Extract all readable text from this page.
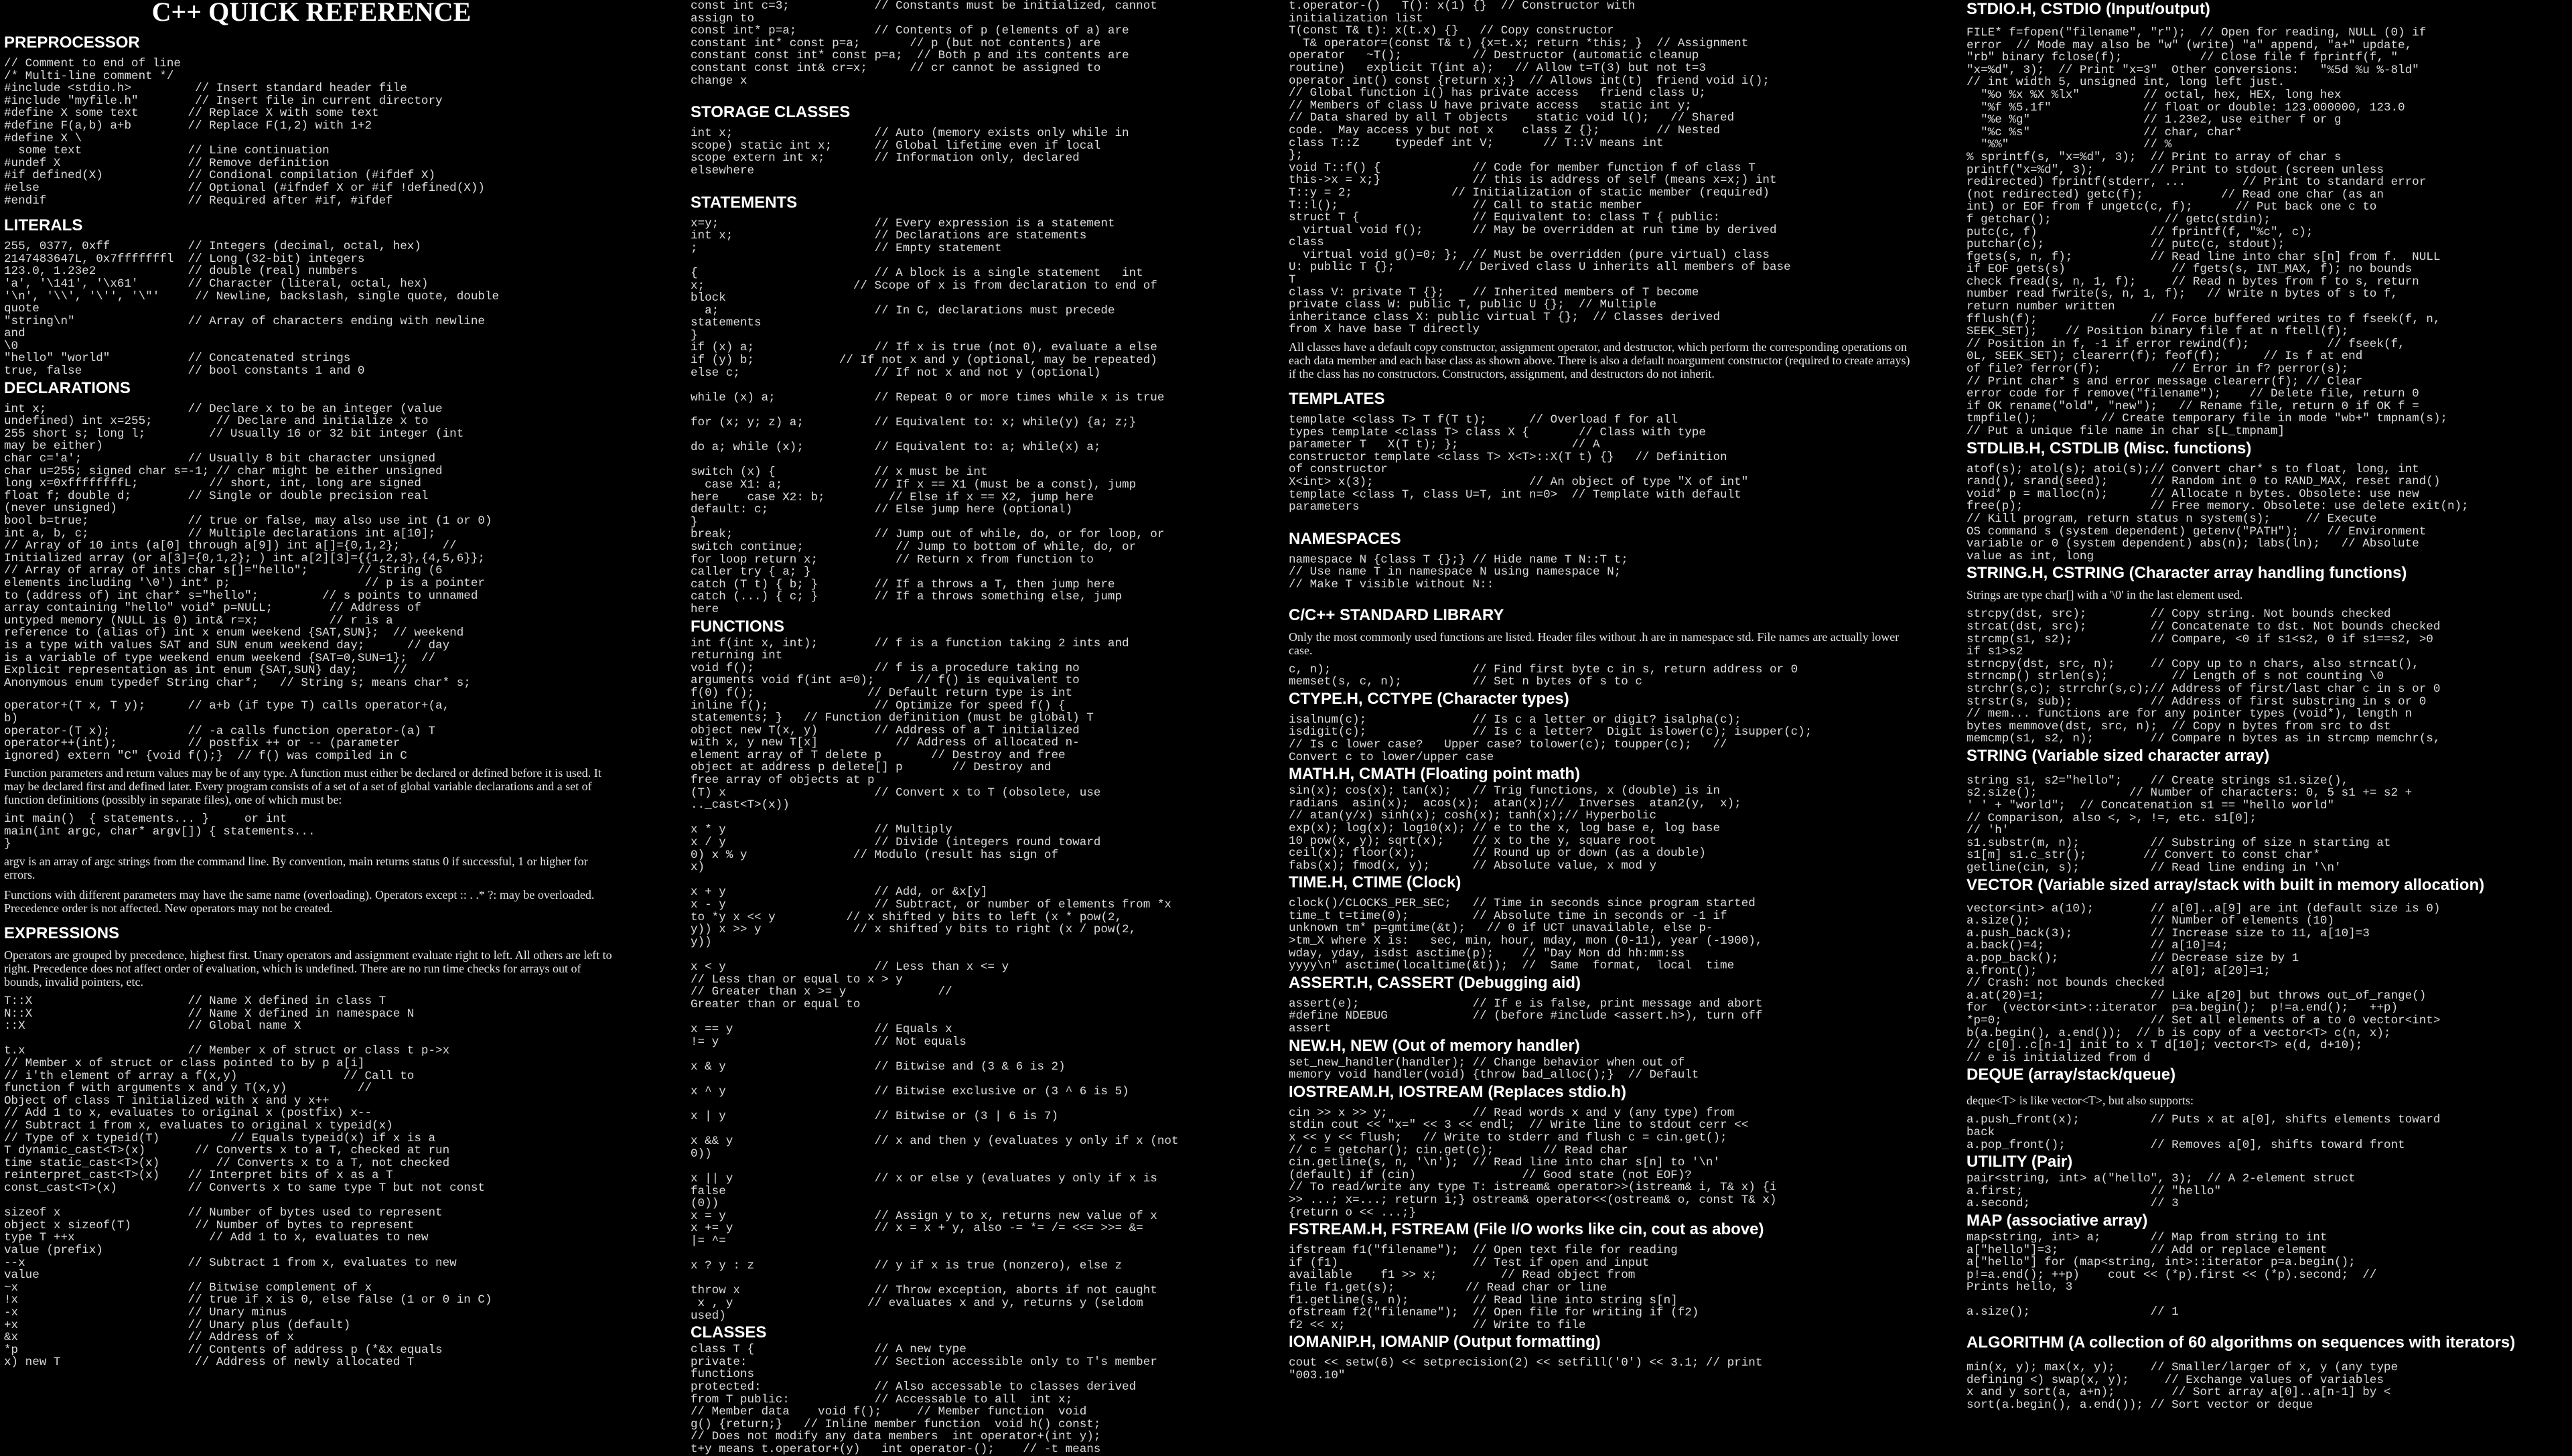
C++ QUICK REFERENCE
PREPROCESSOR
// Comment to end of line
/* Multi-line comment */
#include <stdio.h>         // Insert standard header file
#include "myfile.h"        // Insert file in current directory
#define X some text       // Replace X with some text
#define F(a,b) a+b        // Replace F(1,2) with 1+2
#define X \
some text               // Line continuation
#undef X                  // Remove definition
#if defined(X)            // Condional compilation (#ifdef X)
#else                     // Optional (#ifndef X or #if !defined(X))
#endif                    // Required after #if, #ifdef
LITERALS
255, 0377, 0xff           // Integers (decimal, octal, hex)
2147483647L, 0x7fffffffl  // Long (32-bit) integers
123.0, 1.23e2             // double (real) numbers
'a', '\141', '\x61'       // Character (literal, octal, hex)
'\n', '\\', '\'', '\"'     // Newline, backslash, single quote, double
quote
"string\n"                // Array of characters ending with newline
and
\0
"hello" "world"           // Concatenated strings
true, false               // bool constants 1 and 0
DECLARATIONS
int x;                    // Declare x to be an integer (value
undefined) int x=255;         // Declare and initialize x to
255 short s; long l;         // Usually 16 or 32 bit integer (int
may be either)
char c='a';               // Usually 8 bit character unsigned
char u=255; signed char s=-1; // char might be either unsigned
long x=0xffffffffL;          // short, int, long are signed
float f; double d;        // Single or double precision real
(never unsigned)
bool b=true;              // true or false, may also use int (1 or 0)
int a, b, c;              // Multiple declarations int a[10];
// Array of 10 ints (a[0] through a[9]) int a[]={0,1,2};      //
Initialized array (or a[3]={0,1,2}; ) int a[2][3]={{1,2,3},{4,5,6}};
// Array of array of ints char s[]="hello";       // String (6
elements including '\0') int* p;                   // p is a pointer
to (address of) int char* s="hello";         // s points to unnamed
array containing "hello" void* p=NULL;        // Address of
untyped memory (NULL is 0) int& r=x;          // r is a
reference to (alias of) int x enum weekend {SAT,SUN};  // weekend
is a type with values SAT and SUN enum weekend day;      // day
is a variable of type weekend enum weekend {SAT=0,SUN=1};  //
Explicit representation as int enum {SAT,SUN} day;     //
Anonymous enum typedef String char*;   // String s; means char* s;
operator+(T x, T y);      // a+b (if type T) calls operator+(a,
b)
operator-(T x);           // -a calls function operator-(a) T
operator++(int);          // postfix ++ or -- (parameter
ignored) extern "C" {void f();}  // f() was compiled in C

Function parameters and return values may be of any type. A function must either be declared or defined before it is used. It may be declared first and defined later. Every program consists of a set of a set of global variable declarations and a set of function definitions (possibly in separate files), one of which must be:

int main()  { statements... }     or int
main(int argc, char* argv[]) { statements...
}

argv is an array of argc strings from the command line. By convention, main returns status 0 if successful, 1 or higher for errors.

Functions with different parameters may have the same name (overloading). Operators except :: . .* ?: may be overloaded. Precedence order is not affected. New operators may not be created.

EXPRESSIONS

Operators are grouped by precedence, highest first. Unary operators and assignment evaluate right to left. All others are left to right. Precedence does not affect order of evaluation, which is undefined. There are no run time checks for arrays out of bounds, invalid pointers, etc.

T::X                      // Name X defined in class T
N::X                      // Name X defined in namespace N
::X                       // Global name X

t.x                       // Member x of struct or class t p->x
// Member x of struct or class pointed to by p a[i]
// i'th element of array a f(x,y)               // Call to
function f with arguments x and y T(x,y)          //
Object of class T initialized with x and y x++
// Add 1 to x, evaluates to original x (postfix) x--
// Subtract 1 from x, evaluates to original x typeid(x)
// Type of x typeid(T)          // Equals typeid(x) if x is a
T dynamic_cast<T>(x)       // Converts x to a T, checked at run
time static_cast<T>(x)        // Converts x to a T, not checked
reinterpret_cast<T>(x)    // Interpret bits of x as a T
const_cast<T>(x)          // Converts x to same type T but not const

sizeof x                  // Number of bytes used to represent
object x sizeof(T)         // Number of bytes to represent
type T ++x                   // Add 1 to x, evaluates to new
value (prefix)
--x                       // Subtract 1 from x, evaluates to new
value
~x                        // Bitwise complement of x
!x                        // true if x is 0, else false (1 or 0 in C)
-x                        // Unary minus
+x                        // Unary plus (default)
&x                        // Address of x
*p                        // Contents of address p (*&x equals
x) new T                   // Address of newly allocated T
const int c=3;            // Constants must be initialized, cannot
assign to
const int* p=a;           // Contents of p (elements of a) are
constant int* const p=a;       // p (but not contents) are
constant const int* const p=a;  // Both p and its contents are
constant const int& cr=x;      // cr cannot be assigned to
change x
STORAGE CLASSES
int x;                    // Auto (memory exists only while in
scope) static int x;      // Global lifetime even if local
scope extern int x;       // Information only, declared
elsewhere
STATEMENTS
x=y;                      // Every expression is a statement
int x;                    // Declarations are statements
;                         // Empty statement

{                         // A block is a single statement   int
x;                     // Scope of x is from declaration to end of
block
a;                      // In C, declarations must precede
statements
}
if (x) a;                 // If x is true (not 0), evaluate a else
if (y) b;            // If not x and y (optional, may be repeated)
else c;                   // If not x and not y (optional)

while (x) a;              // Repeat 0 or more times while x is true

for (x; y; z) a;          // Equivalent to: x; while(y) {a; z;}

do a; while (x);          // Equivalent to: a; while(x) a;

switch (x) {              // x must be int
case X1: a;             // If x == X1 (must be a const), jump
here    case X2: b;         // Else if x == X2, jump here
default: c;               // Else jump here (optional)
}
break;                    // Jump out of while, do, or for loop, or
switch continue;             // Jump to bottom of while, do, or
for loop return x;           // Return x from function to
caller try { a; }
catch (T t) { b; }        // If a throws a T, then jump here
catch (...) { c; }        // If a throws something else, jump
here
FUNCTIONS
int f(int x, int);        // f is a function taking 2 ints and
returning int
void f();                 // f is a procedure taking no
arguments void f(int a=0);      // f() is equivalent to
f(0) f();                // Default return type is int
inline f();               // Optimize for speed f() {
statements; }   // Function definition (must be global) T
object new T(x, y)        // Address of a T initialized
with x, y new T[x]           // Address of allocated n-
element array of T delete p       // Destroy and free
object at address p delete[] p       // Destroy and
free array of objects at p
(T) x                     // Convert x to T (obsolete, use
.._cast<T>(x))

x * y                     // Multiply
x / y                     // Divide (integers round toward
0) x % y               // Modulo (result has sign of
x)

x + y                     // Add, or &x[y]
x - y                     // Subtract, or number of elements from *x
to *y x << y          // x shifted y bits to left (x * pow(2,
y)) x >> y             // x shifted y bits to right (x / pow(2,
y))

x < y                     // Less than x <= y
// Less than or equal to x > y
// Greater than x >= y             //
Greater than or equal to

x == y                    // Equals x
!= y                      // Not equals

x & y                     // Bitwise and (3 & 6 is 2)

x ^ y                     // Bitwise exclusive or (3 ^ 6 is 5)

x | y                     // Bitwise or (3 | 6 is 7)

x && y                    // x and then y (evaluates y only if x (not
0))

x || y                    // x or else y (evaluates y only if x is
false
(0))
x = y                     // Assign y to x, returns new value of x
x += y                    // x = x + y, also -= *= /= <<= >>= &=
|= ^=

x ? y : z                 // y if x is true (nonzero), else z

throw x                   // Throw exception, aborts if not caught
x , y                   // evaluates x and y, returns y (seldom
used)
CLASSES
class T {                 // A new type
private:                  // Section accessible only to T's member
functions
protected:                // Also accessable to classes derived
from T public:            // Accessable to all  int x;
// Member data    void f();     // Member function  void
g() {return;}   // Inline member function  void h() const;
// Does not modify any data members  int operator+(int y);
t+y means t.operator+(y)   int operator-();    // -t means
t.operator-()   T(): x(1) {}  // Constructor with
initialization list
T(const T& t): x(t.x) {}   // Copy constructor
T& operator=(const T& t) {x=t.x; return *this; }  // Assignment
operator   ~T();          // Destructor (automatic cleanup
routine)   explicit T(int a);   // Allow t=T(3) but not t=3
operator int() const {return x;}  // Allows int(t)  friend void i();
// Global function i() has private access   friend class U;
// Members of class U have private access   static int y;
// Data shared by all T objects    static void l();   // Shared
code.  May access y but not x    class Z {};        // Nested
class T::Z     typedef int V;       // T::V means int
};
void T::f() {             // Code for member function f of class T
this->x = x;}             // this is address of self (means x=x;) int
T::y = 2;              // Initialization of static member (required)
T::l();                   // Call to static member
struct T {                // Equivalent to: class T { public:
virtual void f();       // May be overridden at run time by derived
class
virtual void g()=0; };  // Must be overridden (pure virtual) class
U: public T {};         // Derived class U inherits all members of base
T
class V: private T {};    // Inherited members of T become
private class W: public T, public U {};  // Multiple
inheritance class X: public virtual T {};  // Classes derived
from X have base T directly

All classes have a default copy constructor, assignment operator, and destructor, which perform the corresponding operations on each data member and each base class as shown above. There is also a default noargument constructor (required to create arrays) if the class has no constructors. Constructors, assignment, and destructors do not inherit.

TEMPLATES
template <class T> T f(T t);      // Overload f for all
types template <class T> class X {       // Class with type
parameter T   X(T t); };                // A
constructor template <class T> X<T>::X(T t) {}   // Definition
of constructor
X<int> x(3);                      // An object of type "X of int"
template <class T, class U=T, int n=0>  // Template with default
parameters
NAMESPACES
namespace N {class T {};} // Hide name T N::T t;
// Use name T in namespace N using namespace N;
// Make T visible without N::
C/C++ STANDARD LIBRARY

Only the most commonly used functions are listed. Header files without .h are in namespace std. File names are actually lower case.

c, n);                    // Find first byte c in s, return address or 0
memset(s, c, n);          // Set n bytes of s to c
CTYPE.H, CCTYPE (Character types)
isalnum(c);               // Is c a letter or digit? isalpha(c);
isdigit(c);               // Is c a letter?  Digit islower(c); isupper(c);
// Is c lower case?   Upper case? tolower(c); toupper(c);   //
Convert c to lower/upper case
MATH.H, CMATH (Floating point math)
sin(x); cos(x); tan(x);   // Trig functions, x (double) is in
radians  asin(x);  acos(x);  atan(x);//  Inverses  atan2(y,  x);
// atan(y/x) sinh(x); cosh(x); tanh(x);// Hyperbolic
exp(x); log(x); log10(x); // e to the x, log base e, log base
10 pow(x, y); sqrt(x);    // x to the y, square root
ceil(x); floor(x);        // Round up or down (as a double)
fabs(x); fmod(x, y);      // Absolute value, x mod y
TIME.H, CTIME (Clock)
clock()/CLOCKS_PER_SEC;   // Time in seconds since program started
time_t t=time(0);         // Absolute time in seconds or -1 if
unknown tm* p=gmtime(&t);   // 0 if UCT unavailable, else p-
>tm_X where X is:   sec, min, hour, mday, mon (0-11), year (-1900),
wday, yday, isdst asctime(p);    // "Day Mon dd hh:mm:ss
yyyy\n" asctime(localtime(&t));  //  Same  format,  local  time
ASSERT.H, CASSERT (Debugging aid)
assert(e);                // If e is false, print message and abort
#define NDEBUG            // (before #include <assert.h>), turn off
assert
NEW.H, NEW (Out of memory handler)
set_new_handler(handler); // Change behavior when out of
memory void handler(void) {throw bad_alloc();}  // Default
IOSTREAM.H, IOSTREAM (Replaces stdio.h)
cin >> x >> y;            // Read words x and y (any type) from
stdin cout << "x=" << 3 << endl;  // Write line to stdout cerr <<
x << y << flush;   // Write to stderr and flush c = cin.get();
// c = getchar(); cin.get(c);       // Read char
cin.getline(s, n, '\n');  // Read line into char s[n] to '\n'
(default) if (cin)               // Good state (not EOF)?
// To read/write any type T: istream& operator>>(istream& i, T& x) {i
>> ...; x=...; return i;} ostream& operator<<(ostream& o, const T& x)
{return o << ...;}
FSTREAM.H, FSTREAM (File I/O works like cin, cout as above)
ifstream f1("filename");  // Open text file for reading
if (f1)                   // Test if open and input
available    f1 >> x;         // Read object from
file f1.get(s);          // Read char or line
f1.getline(s, n);         // Read line into string s[n]
ofstream f2("filename");  // Open file for writing if (f2)
f2 << x;                  // Write to file
IOMANIP.H, IOMANIP (Output formatting)
cout << setw(6) << setprecision(2) << setfill('0') << 3.1; // print
"003.10"
STDIO.H, CSTDIO (Input/output)
FILE* f=fopen("filename", "r");  // Open for reading, NULL (0) if
error  // Mode may also be "w" (write) "a" append, "a+" update,
"rb" binary fclose(f);           // Close file f fprintf(f, "
"x=%d", 3);  // Print "x=3"  Other conversions:   "%5d %u %-8ld"
// int width 5, unsigned int, long left just.
"%o %x %X %lx"         // octal, hex, HEX, long hex
"%f %5.1f"             // float or double: 123.000000, 123.0
"%e %g"                // 1.23e2, use either f or g
"%c %s"                // char, char*
"%%"                   // %
% sprintf(s, "x=%d", 3);  // Print to array of char s
printf("x=%d", 3);        // Print to stdout (screen unless
redirected) fprintf(stderr, ...        // Print to standard error
(not redirected) getc(f);           // Read one char (as an
int) or EOF from f ungetc(c, f);      // Put back one c to
f getchar();                // getc(stdin);
putc(c, f)                // fprintf(f, "%c", c);
putchar(c);               // putc(c, stdout);
fgets(s, n, f);           // Read line into char s[n] from f.  NULL
if EOF gets(s)               // fgets(s, INT_MAX, f); no bounds
check fread(s, n, 1, f);     // Read n bytes from f to s, return
number read fwrite(s, n, 1, f);   // Write n bytes of s to f,
return number written
fflush(f);                // Force buffered writes to f fseek(f, n,
SEEK_SET);    // Position binary file f at n ftell(f);
// Position in f, -1 if error rewind(f);           // fseek(f,
0L, SEEK_SET); clearerr(f); feof(f);      // Is f at end
of file? ferror(f);          // Error in f? perror(s);
// Print char* s and error message clearerr(f); // Clear
error code for f remove("filename");    // Delete file, return 0
if OK rename("old", "new");   // Rename file, return 0 if OK f =
tmpfile();         // Create temporary file in mode "wb+" tmpnam(s);
// Put a unique file name in char s[L_tmpnam]
STDLIB.H, CSTDLIB (Misc. functions)
atof(s); atol(s); atoi(s);// Convert char* s to float, long, int
rand(), srand(seed);      // Random int 0 to RAND_MAX, reset rand()
void* p = malloc(n);      // Allocate n bytes. Obsolete: use new
free(p);                  // Free memory. Obsolete: use delete exit(n);
// Kill program, return status n system(s);     // Execute
OS command s (system dependent) getenv("PATH");    // Environment
variable or 0 (system dependent) abs(n); labs(ln);   // Absolute
value as int, long
STRING.H, CSTRING (Character array handling functions)

Strings are type char[] with a '\0' in the last element used.

strcpy(dst, src);         // Copy string. Not bounds checked
strcat(dst, src);         // Concatenate to dst. Not bounds checked
strcmp(s1, s2);           // Compare, <0 if s1<s2, 0 if s1==s2, >0
if s1>s2
strncpy(dst, src, n);     // Copy up to n chars, also strncat(),
strncmp() strlen(s);         // Length of s not counting \0
strchr(s,c); strrchr(s,c);// Address of first/last char c in s or 0
strstr(s, sub);           // Address of first substring in s or 0
// mem... functions are for any pointer types (void*), length n
bytes memmove(dst, src, n);  // Copy n bytes from src to dst
memcmp(s1, s2, n);        // Compare n bytes as in strcmp memchr(s,
STRING (Variable sized character array)
string s1, s2="hello";    // Create strings s1.size(),
s2.size();             // Number of characters: 0, 5 s1 += s2 +
' ' + "world";  // Concatenation s1 == "hello world"
// Comparison, also <, >, !=, etc. s1[0];
// 'h'
s1.substr(m, n);          // Substring of size n starting at
s1[m] s1.c_str();        // Convert to const char*
getline(cin, s);          // Read line ending in '\n'
VECTOR (Variable sized array/stack with built in memory allocation)
vector<int> a(10);        // a[0]..a[9] are int (default size is 0)
a.size();                 // Number of elements (10)
a.push_back(3);           // Increase size to 11, a[10]=3
a.back()=4;               // a[10]=4;
a.pop_back();             // Decrease size by 1
a.front();                // a[0]; a[20]=1;
// Crash: not bounds checked
a.at(20)=1;               // Like a[20] but throws out_of_range()
for  (vector<int>::iterator  p=a.begin();  p!=a.end();   ++p)
*p=0;                     // Set all elements of a to 0 vector<int>
b(a.begin(), a.end());  // b is copy of a vector<T> c(n, x);
// c[0]..c[n-1] init to x T d[10]; vector<T> e(d, d+10);
// e is initialized from d
DEQUE (array/stack/queue)

deque<T> is like vector<T>, but also supports:

a.push_front(x);          // Puts x at a[0], shifts elements toward
back
a.pop_front();            // Removes a[0], shifts toward front
UTILITY (Pair)
pair<string, int> a("hello", 3);  // A 2-element struct
a.first;                  // "hello"
a.second;                 // 3
MAP (associative array)
map<string, int> a;       // Map from string to int
a["hello"]=3;             // Add or replace element
a["hello"] for (map<string, int>::iterator p=a.begin();
p!=a.end(); ++p)    cout << (*p).first << (*p).second;  //
Prints hello, 3

a.size();                 // 1
ALGORITHM (A collection of 60 algorithms on sequences with iterators)
min(x, y); max(x, y);     // Smaller/larger of x, y (any type
defining <) swap(x, y);     // Exchange values of variables
x and y sort(a, a+n);        // Sort array a[0]..a[n-1] by <
sort(a.begin(), a.end()); // Sort vector or deque
